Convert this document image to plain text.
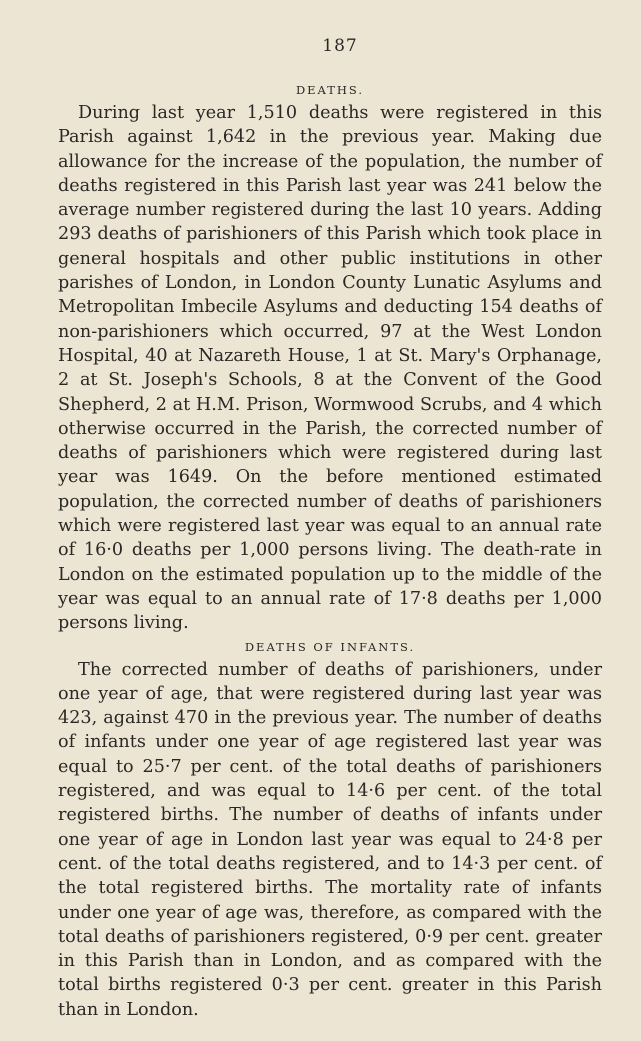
187
DEATHS.

During last year 1,510 deaths were registered in this Parish against 1,642 in the previous year. Making due allowance for the increase of the population, the number of deaths registered in this Parish last year was 241 below the average number registered during the last 10 years. Adding 293 deaths of parishioners of this Parish which took place in general hospitals and other public institutions in other parishes of London, in London County Lunatic Asylums and Metropolitan Imbecile Asylums and deducting 154 deaths of non-parishioners which occurred, 97 at the West London Hospital, 40 at Nazareth House, 1 at St. Mary's Orphanage, 2 at St. Joseph's Schools, 8 at the Convent of the Good Shepherd, 2 at H.M. Prison, Wormwood Scrubs, and 4 which otherwise occurred in the Parish, the corrected number of deaths of parishioners which were registered during last year was 1649. On the before mentioned estimated population, the corrected number of deaths of parishioners which were registered last year was equal to an annual rate of 16·0 deaths per 1,000 persons living. The death-rate in London on the estimated population up to the middle of the year was equal to an annual rate of 17·8 deaths per 1,000 persons living.

DEATHS OF INFANTS.

The corrected number of deaths of parishioners, under one year of age, that were registered during last year was 423, against 470 in the previous year. The number of deaths of infants under one year of age registered last year was equal to 25·7 per cent. of the total deaths of parishioners registered, and was equal to 14·6 per cent. of the total registered births. The number of deaths of infants under one year of age in London last year was equal to 24·8 per cent. of the total deaths registered, and to 14·3 per cent. of the total registered births. The mortality rate of infants under one year of age was, therefore, as compared with the total deaths of parishioners registered, 0·9 per cent. greater in this Parish than in London, and as compared with the total births registered 0·3 per cent. greater in this Parish than in London.
